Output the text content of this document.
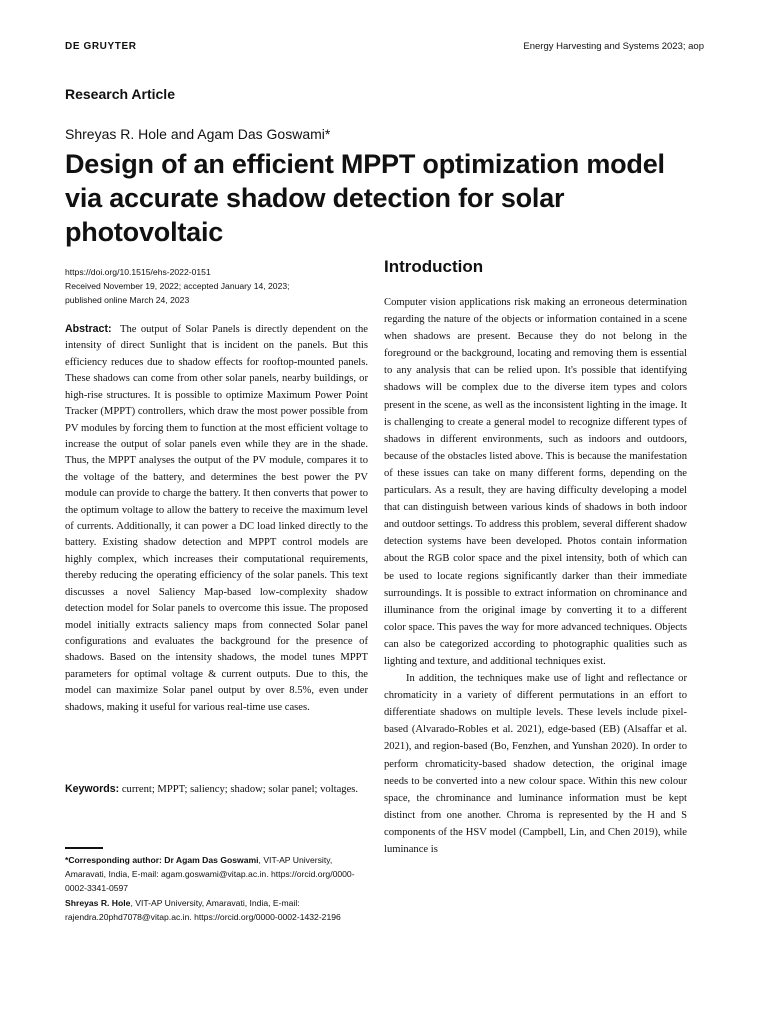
DE GRUYTER	Energy Harvesting and Systems 2023; aop
Research Article
Shreyas R. Hole and Agam Das Goswami*
Design of an efficient MPPT optimization model via accurate shadow detection for solar photovoltaic
https://doi.org/10.1515/ehs-2022-0151
Received November 19, 2022; accepted January 14, 2023;
published online March 24, 2023

Abstract: The output of Solar Panels is directly dependent on the intensity of direct Sunlight that is incident on the panels. But this efficiency reduces due to shadow effects for rooftop-mounted panels. These shadows can come from other solar panels, nearby buildings, or high-rise structures. It is possible to optimize Maximum Power Point Tracker (MPPT) controllers, which draw the most power possible from PV modules by forcing them to function at the most efficient voltage to increase the output of solar panels even while they are in the shade. Thus, the MPPT analyses the output of the PV module, compares it to the voltage of the battery, and determines the best power the PV module can provide to charge the battery. It then converts that power to the optimum voltage to allow the battery to receive the maximum level of currents. Additionally, it can power a DC load linked directly to the battery. Existing shadow detection and MPPT control models are highly complex, which increases their computational requirements, thereby reducing the operating efficiency of the solar panels. This text discusses a novel Saliency Map-based low-complexity shadow detection model for Solar panels to overcome this issue. The proposed model initially extracts saliency maps from connected Solar panel configurations and evaluates the background for the presence of shadows. Based on the intensity shadows, the model tunes MPPT parameters for optimal voltage & current outputs. Due to this, the model can maximize Solar panel output by over 8.5%, even under shadows, making it useful for various real-time use cases.

Keywords: current; MPPT; saliency; shadow; solar panel; voltages.

*Corresponding author: Dr Agam Das Goswami, VIT-AP University, Amaravati, India, E-mail: agam.goswami@vitap.ac.in. https://orcid.org/0000-0002-3341-0597

Shreyas R. Hole, VIT-AP University, Amaravati, India, E-mail: rajendra.20phd7078@vitap.ac.in. https://orcid.org/0000-0002-1432-2196

Introduction

Computer vision applications risk making an erroneous determination regarding the nature of the objects or information contained in a scene when shadows are present. Because they do not belong in the foreground or the background, locating and removing them is essential to any analysis that can be relied upon. It's possible that identifying shadows will be complex due to the diverse item types and colors present in the scene, as well as the inconsistent lighting in the image. It is challenging to create a general model to recognize different types of shadows in different environments, such as indoors and outdoors, because of the obstacles listed above. This is because the manifestation of these issues can take on many different forms, depending on the particulars. As a result, they are having difficulty developing a model that can distinguish between various kinds of shadows in both indoor and outdoor settings. To address this problem, several different shadow detection systems have been developed. Photos contain information about the RGB color space and the pixel intensity, both of which can be used to locate regions significantly darker than their immediate surroundings. It is possible to extract information on chrominance and illuminance from the original image by converting it to a different color space. This paves the way for more advanced techniques. Objects can also be categorized according to photographic qualities such as lighting and texture, and additional techniques exist.

In addition, the techniques make use of light and reflectance or chromaticity in a variety of different permutations in an effort to differentiate shadows on multiple levels. These levels include pixel-based (Alvarado-Robles et al. 2021), edge-based (EB) (Alsaffar et al. 2021), and region-based (Bo, Fenzhen, and Yunshan 2020). In order to perform chromaticity-based shadow detection, the original image needs to be converted into a new colour space. Within this new colour space, the chrominance and luminance information must be kept distinct from one another. Chroma is represented by the H and S components of the HSV model (Campbell, Lin, and Chen 2019), while luminance is
